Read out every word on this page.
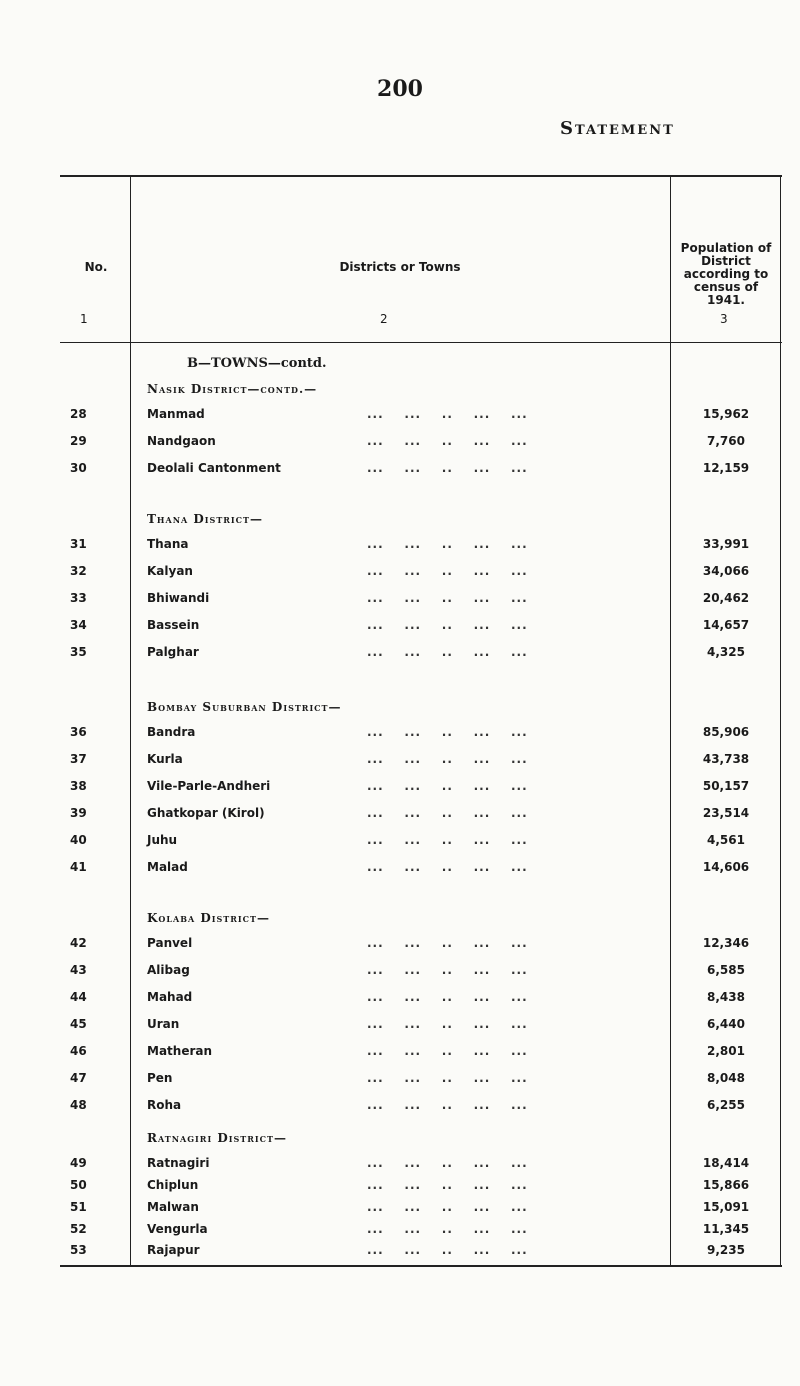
200
Statement
No.	Districts or Towns
Population of District according to census of 1941.
1	2	3
B—TOWNS—contd.
Nasik District—contd.—
28	Manmad	...    ...    ..    ...    ...	15,962
29	Nandgaon	...    ...    ..    ...    ...	7,760
30	Deolali Cantonment	...    ...    ..    ...    ...	12,159
Thana District—
31	Thana	...    ...    ..    ...    ...	33,991
32	Kalyan	...    ...    ..    ...    ...	34,066
33	Bhiwandi	...    ...    ..    ...    ...	20,462
34	Bassein	...    ...    ..    ...    ...	14,657
35	Palghar	...    ...    ..    ...    ...	4,325
Bombay Suburban District—
36	Bandra	...    ...    ..    ...    ...	85,906
37	Kurla	...    ...    ..    ...    ...	43,738
38	Vile-Parle-Andheri	...    ...    ..    ...    ...	50,157
39	Ghatkopar (Kirol)	...    ...    ..    ...    ...	23,514
40	Juhu	...    ...    ..    ...    ...	4,561
41	Malad	...    ...    ..    ...    ...	14,606
Kolaba District—
42	Panvel	...    ...    ..    ...    ...	12,346
43	Alibag	...    ...    ..    ...    ...	6,585
44	Mahad	...    ...    ..    ...    ...	8,438
45	Uran	...    ...    ..    ...    ...	6,440
46	Matheran	...    ...    ..    ...    ...	2,801
47	Pen	...    ...    ..    ...    ...	8,048
48	Roha	...    ...    ..    ...    ...	6,255
Ratnagiri District—
49	Ratnagiri	...    ...    ..    ...    ...	18,414
50	Chiplun	...    ...    ..    ...    ...	15,866
51	Malwan	...    ...    ..    ...    ...	15,091
52	Vengurla	...    ...    ..    ...    ...	11,345
53	Rajapur	...    ...    ..    ...    ...	9,235
